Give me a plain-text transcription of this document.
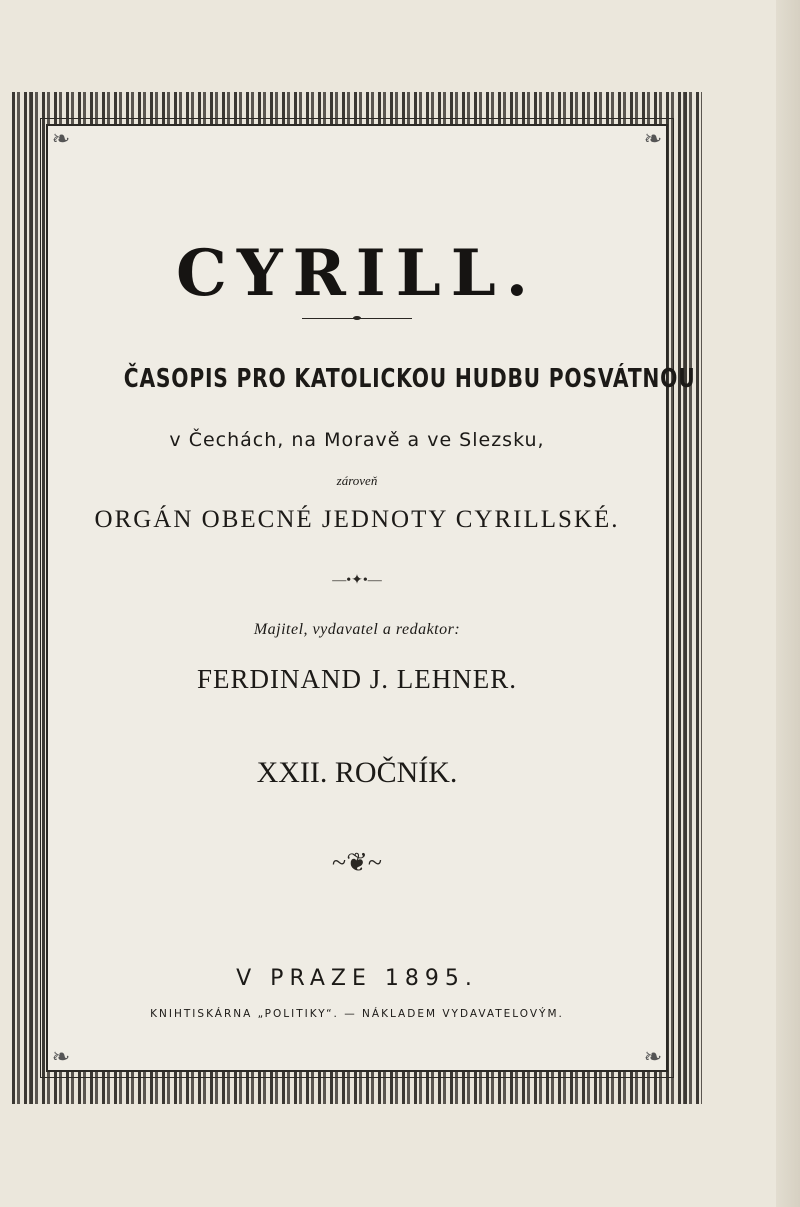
❧	❧
❧	❧
CYRILL.
ČASOPIS PRO KATOLICKOU HUDBU POSVÁTNOU
v Čechách, na Moravě a ve Slezsku,
zároveň
ORGÁN OBECNÉ JEDNOTY CYRILLSKÉ.
—•✦•—
Majitel, vydavatel a redaktor:
FERDINAND J. LEHNER.
XXII. ROČNÍK.
~❦~
V PRAZE 1895.
KNIHTISKÁRNA „POLITIKY“. — NÁKLADEM VYDAVATELOVÝM.
